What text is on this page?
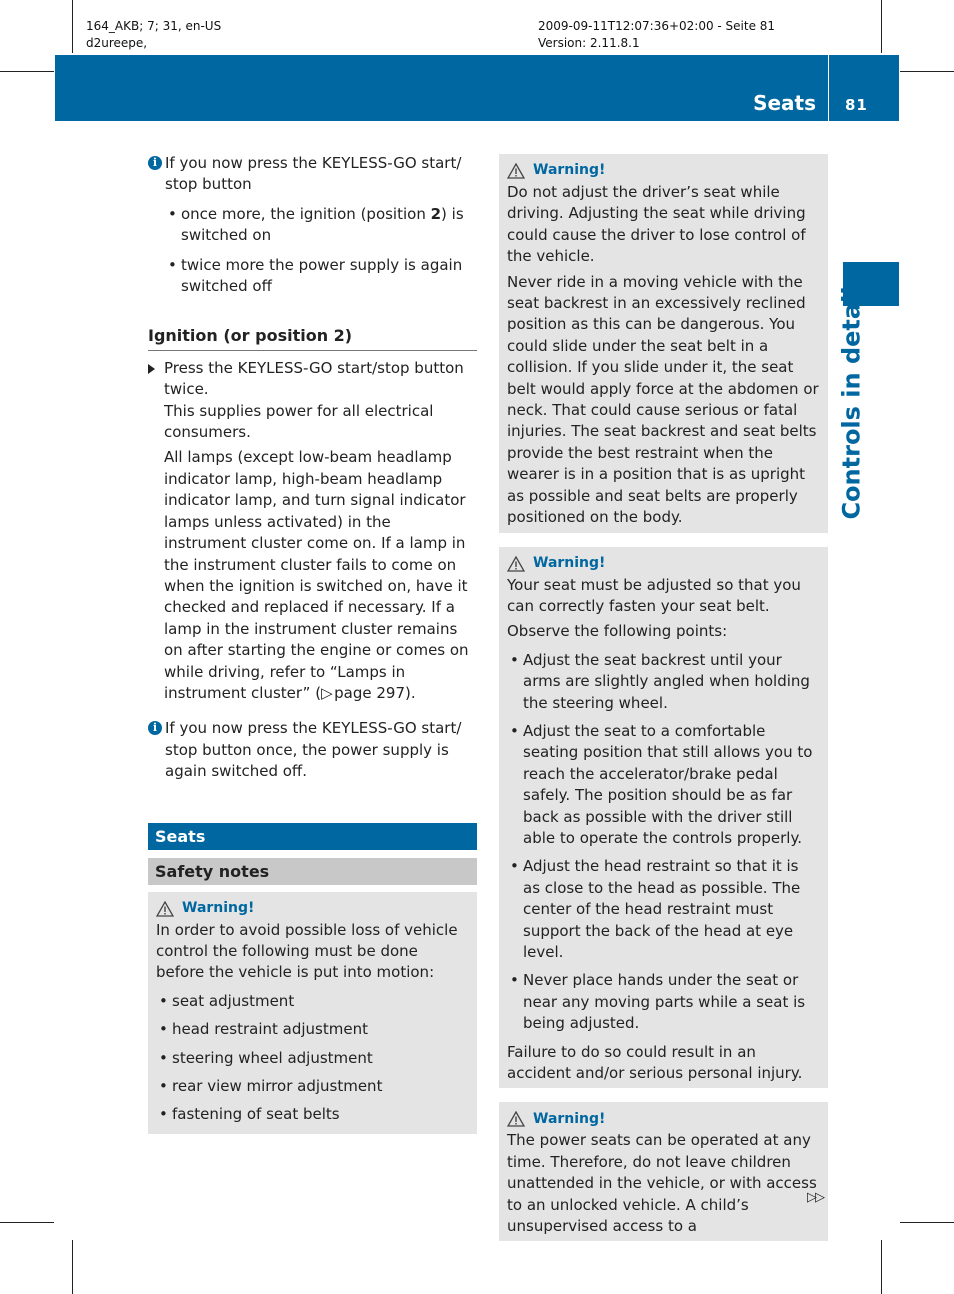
164_AKB; 7; 31, en-US
d2ureepe,
2009-09-11T12:07:36+02:00 - Seite 81
Version: 2.11.8.1
Seats 81
Controls in detail
i If you now press the KEYLESS-GO start/ stop button

• once more, the ignition (position 2) is switched on
• twice more the power supply is again switched off
Ignition (or position 2)

Press the KEYLESS-GO start/stop button twice.

This supplies power for all electrical consumers.

All lamps (except low-beam headlamp indicator lamp, high-beam headlamp indicator lamp, and turn signal indicator lamps unless activated) in the instrument cluster come on. If a lamp in the instrument cluster fails to come on when the ignition is switched on, have it checked and replaced if necessary. If a lamp in the instrument cluster remains on after starting the engine or comes on while driving, refer to “Lamps in instrument cluster” (▷  page 297).

i If you now press the KEYLESS-GO start/ stop button once, the power supply is again switched off.

Seats
Safety notes
Warning!

In order to avoid possible loss of vehicle control the following must be done before the vehicle is put into motion:

• seat adjustment
• head restraint adjustment
• steering wheel adjustment
• rear view mirror adjustment
• fastening of seat belts
Warning!

Do not adjust the driver’s seat while driving. Adjusting the seat while driving could cause the driver to lose control of the vehicle.

Never ride in a moving vehicle with the seat backrest in an excessively reclined position as this can be dangerous. You could slide under the seat belt in a collision. If you slide under it, the seat belt would apply force at the abdomen or neck. That could cause serious or fatal injuries. The seat backrest and seat belts provide the best restraint when the wearer is in a position that is as upright as possible and seat belts are properly positioned on the body.

Warning!

Your seat must be adjusted so that you can correctly fasten your seat belt.

Observe the following points:

• Adjust the seat backrest until your arms are slightly angled when holding the steering wheel.
• Adjust the seat to a comfortable seating position that still allows you to reach the accelerator/brake pedal safely. The position should be as far back as possible with the driver still able to operate the controls properly.
• Adjust the head restraint so that it is as close to the head as possible. The center of the head restraint must support the back of the head at eye level.
• Never place hands under the seat or near any moving parts while a seat is being adjusted.

Failure to do so could result in an accident and/or serious personal injury.

Warning!

The power seats can be operated at any time. Therefore, do not leave children unattended in the vehicle, or with access to an unlocked vehicle. A child’s unsupervised access to a

▷▷
